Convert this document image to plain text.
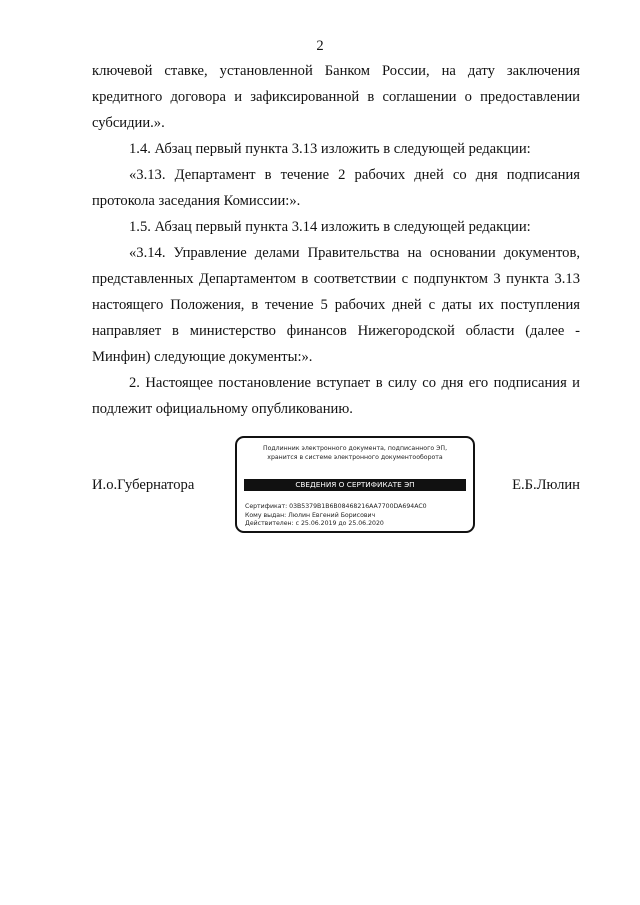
2

ключевой ставке, установленной Банком России, на дату заключения кредитного договора и зафиксированной в соглашении о предоставлении субсидии.».

1.4. Абзац первый пункта 3.13 изложить в следующей редакции:

«3.13. Департамент в течение 2 рабочих дней со дня подписания протокола заседания Комиссии:».

1.5. Абзац первый пункта 3.14 изложить в следующей редакции:

«3.14. Управление делами Правительства на основании документов, представленных Департаментом в соответствии с подпунктом 3 пункта 3.13 настоящего Положения, в течение 5 рабочих дней с даты их поступления направляет в министерство финансов Нижегородской области (далее - Минфин) следующие документы:».

2. Настоящее постановление вступает в силу со дня его подписания и подлежит официальному опубликованию.

И.о.Губернатора
Подлинник электронного документа, подписанного ЭП,
хранится в системе электронного документооборота
СВЕДЕНИЯ О СЕРТИФИКАТЕ ЭП
Сертификат: 03B5379B1B6B08468216AA7700DA694AC0
Кому выдан: Люлин Евгений Борисович
Действителен: с 25.06.2019 до 25.06.2020
Е.Б.Люлин
